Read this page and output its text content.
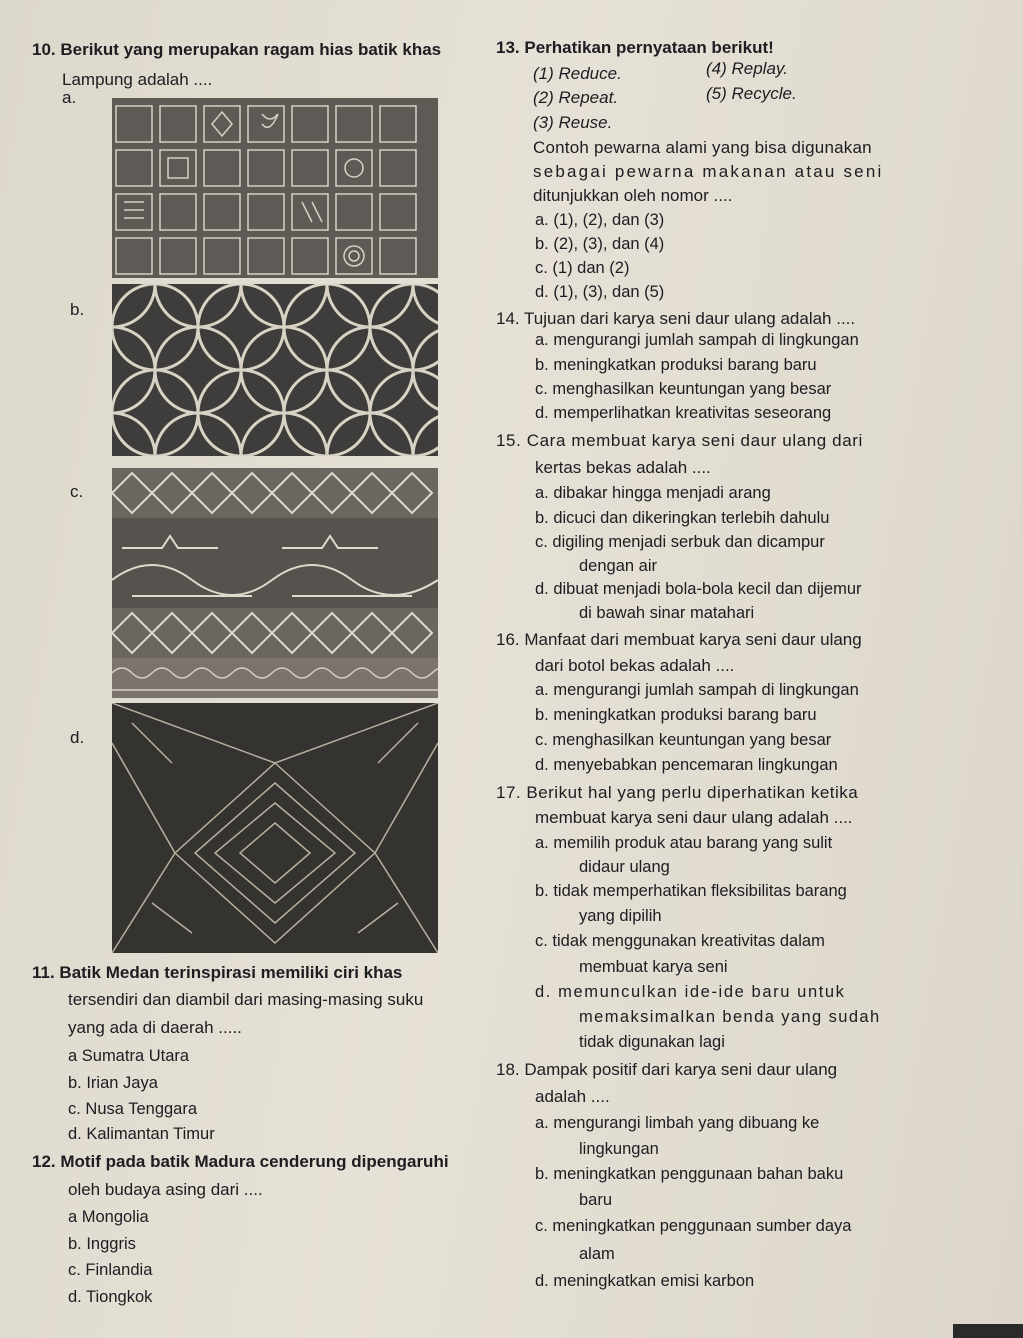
10. Berikut yang merupakan ragam hias batik khas
Lampung adalah ....
a.
b.
c.
d.
11. Batik Medan terinspirasi memiliki ciri khas
tersendiri dan diambil dari masing-masing suku
yang ada di daerah .....
a Sumatra Utara
b. Irian Jaya
c. Nusa Tenggara
d. Kalimantan Timur
12. Motif pada batik Madura cenderung dipengaruhi
oleh budaya asing dari ....
a Mongolia
b. Inggris
c. Finlandia
d. Tiongkok
13. Perhatikan pernyataan berikut!
(1) Reduce.	(4) Replay.
(2) Repeat.	(5) Recycle.
(3) Reuse.
Contoh pewarna alami yang bisa digunakan
sebagai pewarna makanan atau seni
ditunjukkan oleh nomor ....
a. (1), (2), dan (3)
b. (2), (3), dan (4)
c. (1) dan (2)
d. (1), (3), dan (5)
14. Tujuan dari karya seni daur ulang adalah ....
a. mengurangi jumlah sampah di lingkungan
b. meningkatkan produksi barang baru
c. menghasilkan keuntungan yang besar
d. memperlihatkan kreativitas seseorang
15. Cara membuat karya seni daur ulang dari
kertas bekas adalah ....
a. dibakar hingga menjadi arang
b. dicuci dan dikeringkan terlebih dahulu
c. digiling menjadi serbuk dan dicampur
dengan air
d. dibuat menjadi bola-bola kecil dan dijemur
di bawah sinar matahari
16. Manfaat dari membuat karya seni daur ulang
dari botol bekas adalah ....
a. mengurangi jumlah sampah di lingkungan
b. meningkatkan produksi barang baru
c. menghasilkan keuntungan yang besar
d. menyebabkan pencemaran lingkungan
17. Berikut hal yang perlu diperhatikan ketika
membuat karya seni daur ulang adalah ....
a. memilih produk atau barang yang sulit
didaur ulang
b. tidak memperhatikan fleksibilitas barang
yang dipilih
c. tidak menggunakan kreativitas dalam
membuat karya seni
d. memunculkan ide-ide baru untuk
memaksimalkan benda yang sudah
tidak digunakan lagi
18. Dampak positif dari karya seni daur ulang
adalah ....
a. mengurangi limbah yang dibuang ke
lingkungan
b. meningkatkan penggunaan bahan baku
baru
c. meningkatkan penggunaan sumber daya
alam
d. meningkatkan emisi karbon
